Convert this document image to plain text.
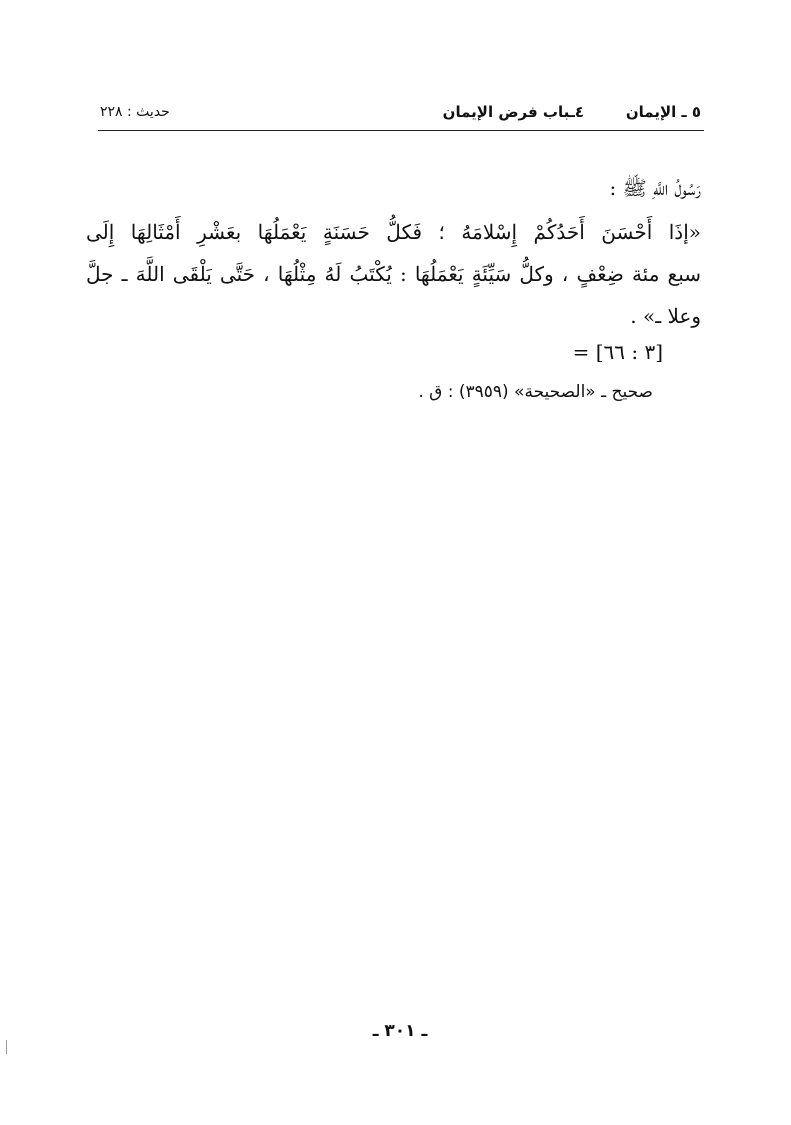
٥ ـ الإيمان
٤ـباب فرض الإيمان
حديث : ٢٢٨
رَسُولُ اللَّهِ ﷺ :
«إذَا أَحْسَنَ أَحَدُكُمْ إِسْلامَهُ ؛ فَكلُّ حَسَنَةٍ يَعْمَلُهَا بعَشْرِ أَمْثَالِهَا إِلَى
سبع مئة ضِعْفٍ ، وكلُّ سَيِّئَةٍ يَعْمَلُهَا : يُكْتَبُ لَهُ مِثْلُهَا ، حَتَّى يَلْقَى اللَّهَ ـ جلَّ
وعلا ـ» .
= [٣ : ٦٦]
صحيح ـ «الصحيحة» (٣٩٥٩) : ق .
ـ ٣٠١ ـ
